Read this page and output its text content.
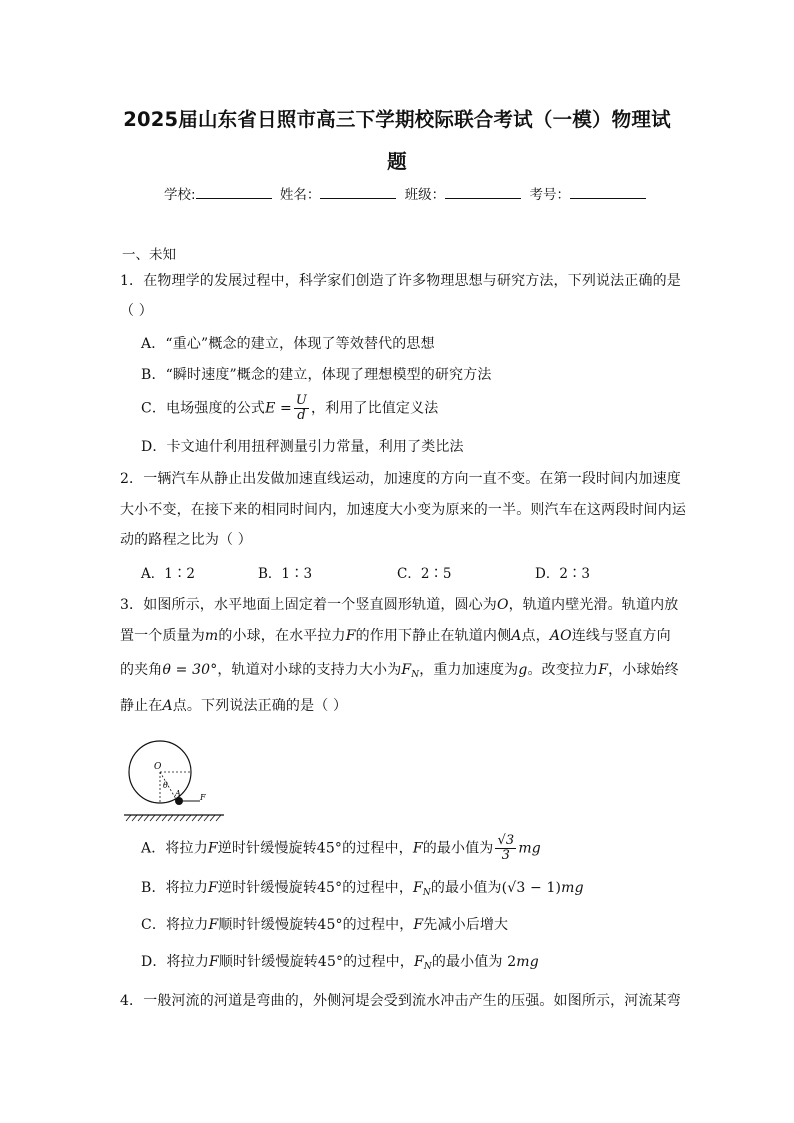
2025届山东省日照市高三下学期校际联合考试（一模）物理试
题
学校:	姓名：	班级：	考号：
一、未知
1．在物理学的发展过程中，科学家们创造了许多物理思想与研究方法，下列说法正确的是
（ ）
A．“重心”概念的建立，体现了等效替代的思想
B．“瞬时速度”概念的建立，体现了理想模型的研究方法
C．电场强度的公式$E = \frac{U}{d}$ ，利用了比值定义法
D．卡文迪什利用扭秤测量引力常量，利用了类比法
2．一辆汽车从静止出发做加速直线运动，加速度的方向一直不变。在第一段时间内加速度
大小不变，在接下来的相同时间内，加速度大小变为原来的一半。则汽车在这两段时间内运
动的路程之比为（ ）
A．1∶2	B．1∶3	C．2∶5	D．2∶3
3．如图所示，水平地面上固定着一个竖直圆形轨道，圆心为O，轨道内壁光滑。轨道内放
置一个质量为m的小球，在水平拉力F的作用下静止在轨道内侧A点，AO连线与竖直方向
的夹角θ = 30°，轨道对小球的支持力大小为$F_N$，重力加速度为g。改变拉力F，小球始终
静止在A点。下列说法正确的是（ ）
O
θ
A F
A．将拉力F逆时针缓慢旋转45°的过程中，F的最小值为 $\frac{√3}{3}$ mg
B．将拉力F逆时针缓慢旋转45°的过程中，$F_N$的最小值为(√3 − 1)mg
C．将拉力F顺时针缓慢旋转45°的过程中，F先减小后增大
D．将拉力F顺时针缓慢旋转45°的过程中，$F_N$的最小值为 2mg
4．一般河流的河道是弯曲的，外侧河堤会受到流水冲击产生的压强。如图所示，河流某弯
